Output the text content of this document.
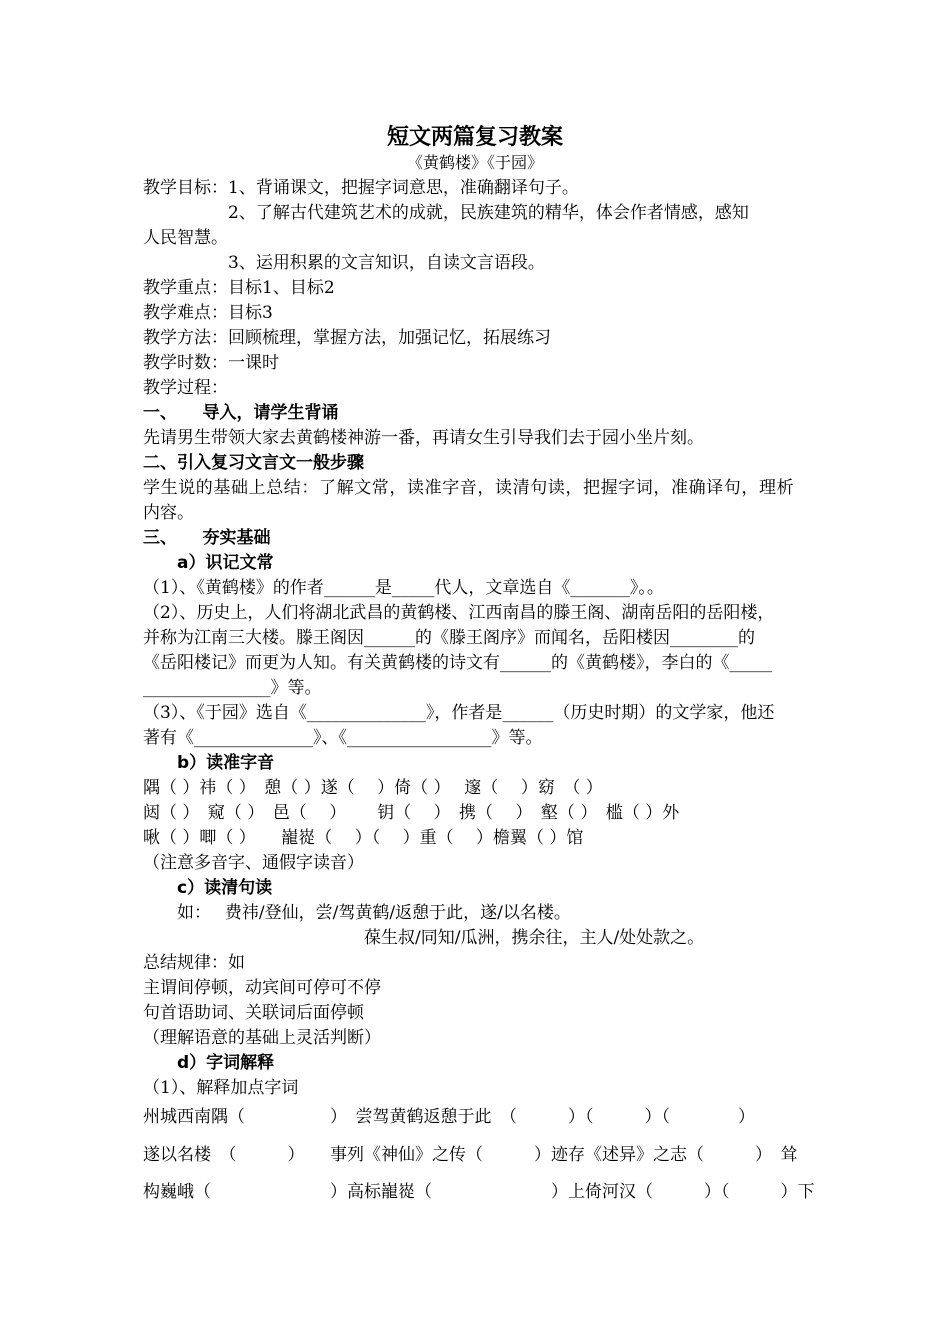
短文两篇复习教案
《黄鹤楼》《于园》
教学目标：1、背诵课文，把握字词意思，准确翻译句子。
　　　　　2、了解古代建筑艺术的成就，民族建筑的精华，体会作者情感，感知
人民智慧。
　　　　　3、运用积累的文言知识，自读文言语段。
教学重点：目标1、目标2
教学难点：目标3
教学方法：回顾梳理，掌握方法，加强记忆，拓展练习
教学时数：一课时
教学过程：
一、　　导入，请学生背诵
先请男生带领大家去黄鹤楼神游一番，再请女生引导我们去于园小坐片刻。
二、引入复习文言文一般步骤
学生说的基础上总结：了解文常，读准字音，读清句读，把握字词，准确译句，理析
内容。
三、　　夯实基础
　　a）识记文常
（1）、《黄鹤楼》的作者______是_____代人，文章选自《_______》。。
（2）、历史上，人们将湖北武昌的黄鹤楼、江西南昌的滕王阁、湖南岳阳的岳阳楼，
并称为江南三大楼。滕王阁因______的《滕王阁序》而闻名，岳阳楼因________的
《岳阳楼记》而更为人知。有关黄鹤楼的诗文有______的《黄鹤楼》，李白的《_____
_______________》等。
（3）、《于园》选自《______________》，作者是______（历史时期）的文学家，他还
著有《______________》、《_________________》等。
　　b）读准字音
隅（ ）祎（ ）　憩（ ）遂（　 ）倚（ ）　 邃（　 ）窈　（ ）
闼（ ）　窥（ ）　邑（　 ）　　 钥（　 ）　携（　 ）　壑（ ）　槛（ ）外
啾（ ）唧（ ）　　巃嵸（　 ）（　 ）重（　 ）檐翼（ ）馆
（注意多音字、通假字读音）
　　c）读清句读
　　如：　 费祎/登仙，尝/驾黄鹤/返憩于此，遂/以名楼。
　　　　　　　　　　　　　葆生叔/同知/瓜洲，携余往，主人/处处款之。
总结规律：如
主谓间停顿，动宾间可停可不停
句首语助词、关联词后面停顿
（理解语意的基础上灵活判断）
　　d）字词解释
（1）、解释加点字词
州城西南隅（　　　　　）　尝驾黄鹤返憩于此　（　　　）（　　　）（　　　　）
遂以名楼　（　　　）　　事列《神仙》之传（　　　）迹存《述异》之志（　　　）　耸
构巍峨（　　　　　　　）高标巃嵸（　　　　　　　）上倚河汉（　　　）（　　　）下
